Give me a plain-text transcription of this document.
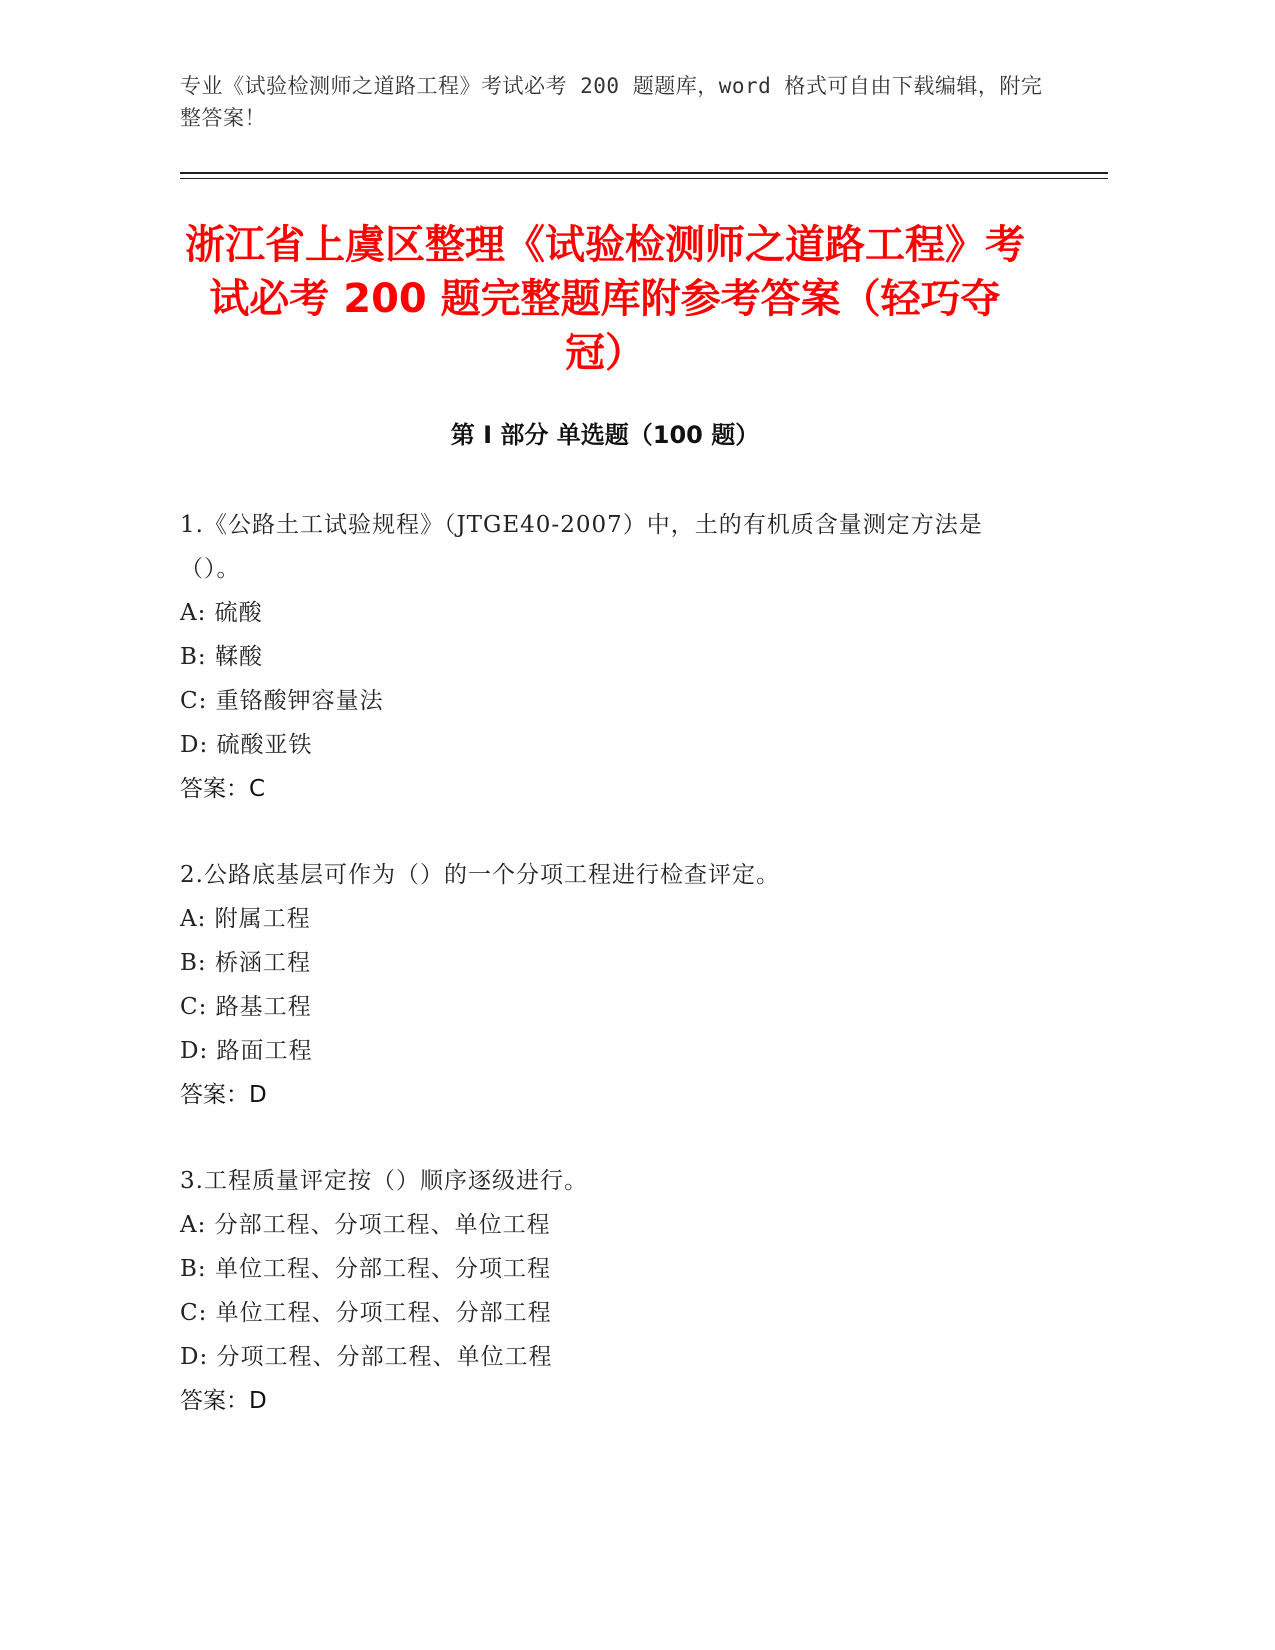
专业《试验检测师之道路工程》考试必考 200 题题库，word 格式可自由下载编辑，附完整答案！
浙江省上虞区整理《试验检测师之道路工程》考试必考 200 题完整题库附参考答案（轻巧夺冠）
第 I 部分 单选题（100 题）
1.《公路土工试验规程》（JTGE40-2007）中，土的有机质含量测定方法是（）。
A: 硫酸
B: 鞣酸
C: 重铬酸钾容量法
D: 硫酸亚铁
答案：C
2.公路底基层可作为（）的一个分项工程进行检查评定。
A: 附属工程
B: 桥涵工程
C: 路基工程
D: 路面工程
答案：D
3.工程质量评定按（）顺序逐级进行。
A: 分部工程、分项工程、单位工程
B: 单位工程、分部工程、分项工程
C: 单位工程、分项工程、分部工程
D: 分项工程、分部工程、单位工程
答案：D
